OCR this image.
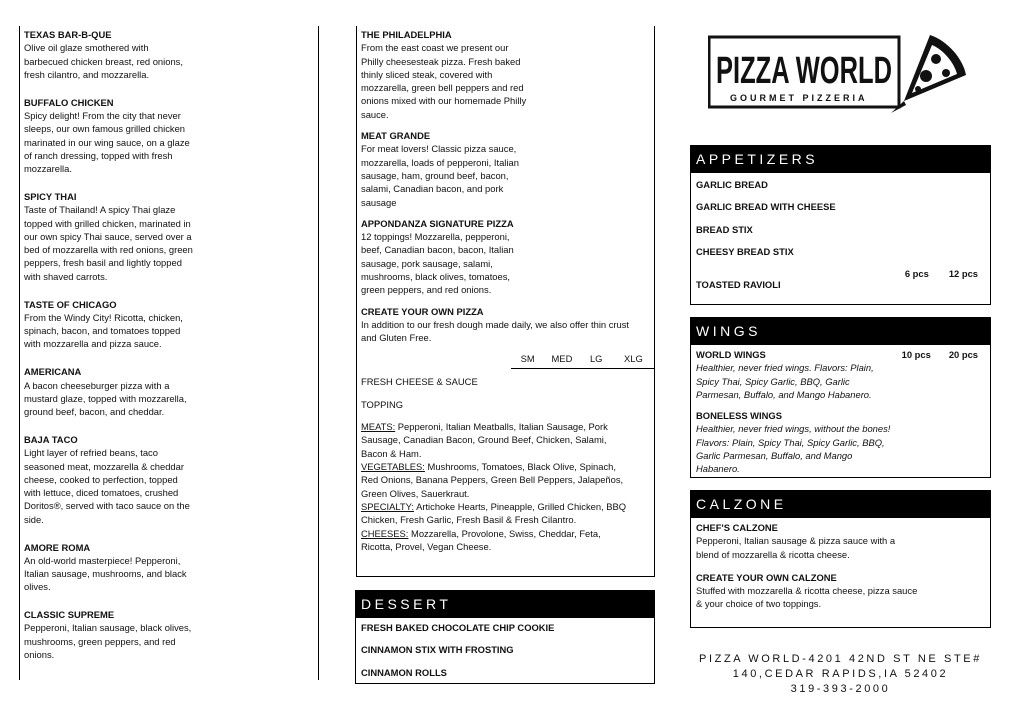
TEXAS BAR-B-QUE
Olive oil glaze smothered with
barbecued chicken breast, red onions,
fresh cilantro, and mozzarella.
BUFFALO CHICKEN
Spicy delight! From the city that never
sleeps, our own famous grilled chicken
marinated in our wing sauce, on a glaze
of ranch dressing, topped with fresh
mozzarella.
SPICY THAI
Taste of Thailand! A spicy Thai glaze
topped with grilled chicken, marinated in
our own spicy Thai sauce, served over a
bed of mozzarella with red onions, green
peppers, fresh basil and lightly topped
with shaved carrots.
TASTE OF CHICAGO
From the Windy City! Ricotta, chicken,
spinach, bacon, and tomatoes topped
with mozzarella and pizza sauce.
AMERICANA
A bacon cheeseburger pizza with a
mustard glaze, topped with mozzarella,
ground beef, bacon, and cheddar.
BAJA TACO
Light layer of refried beans, taco
seasoned meat, mozzarella & cheddar
cheese, cooked to perfection, topped
with lettuce, diced tomatoes, crushed
Doritos®, served with taco sauce on the
side.
AMORE ROMA
An old-world masterpiece! Pepperoni,
Italian sausage, mushrooms, and black
olives.
CLASSIC SUPREME
Pepperoni, Italian sausage, black olives,
mushrooms, green peppers, and red
onions.
THE PHILADELPHIA
From the east coast we present our
Philly cheesesteak pizza. Fresh baked
thinly sliced steak, covered with
mozzarella, green bell peppers and red
onions mixed with our homemade Philly
sauce.
MEAT GRANDE
For meat lovers! Classic pizza sauce,
mozzarella, loads of pepperoni, Italian
sausage, ham, ground beef, bacon,
salami, Canadian bacon, and pork
sausage
APPONDANZA SIGNATURE PIZZA
12 toppings! Mozzarella, pepperoni,
beef, Canadian bacon, bacon, Italian
sausage, pork sausage, salami,
mushrooms, black olives, tomatoes,
green peppers, and red onions.
CREATE YOUR OWN PIZZA
In addition to our fresh dough made daily, we also offer thin crust
and Gluten Free.
SM	MED	LG	XLG
FRESH CHEESE & SAUCE
TOPPING
MEATS: Pepperoni, Italian Meatballs, Italian Sausage, Pork
Sausage, Canadian Bacon, Ground Beef, Chicken, Salami,
Bacon & Ham.
VEGETABLES: Mushrooms, Tomatoes, Black Olive, Spinach,
Red Onions, Banana Peppers, Green Bell Peppers, Jalapeños,
Green Olives, Sauerkraut.
SPECIALTY: Artichoke Hearts, Pineapple, Grilled Chicken, BBQ
Chicken, Fresh Garlic, Fresh Basil & Fresh Cilantro.
CHEESES: Mozzarella, Provolone, Swiss, Cheddar, Feta,
Ricotta, Provel, Vegan Cheese.
DESSERT
FRESH BAKED CHOCOLATE CHIP COOKIE
CINNAMON STIX WITH FROSTING
CINNAMON ROLLS
PIZZA WORLD
GOURMET PIZZERIA
APPETIZERS
GARLIC BREAD
GARLIC BREAD WITH CHEESE
BREAD STIX
CHEESY BREAD STIX
6 pcs 12 pcs
TOASTED RAVIOLI
WINGS
10 pcs 20 pcs
WORLD WINGS
Healthier, never fried wings. Flavors: Plain,
Spicy Thai, Spicy Garlic, BBQ, Garlic
Parmesan, Buffalo, and Mango Habanero.
BONELESS WINGS
Healthier, never fried wings, without the bones!
Flavors: Plain, Spicy Thai, Spicy Garlic, BBQ,
Garlic Parmesan, Buffalo, and Mango
Habanero.
CALZONE
CHEF'S CALZONE
Pepperoni, Italian sausage & pizza sauce with a
blend of mozzarella & ricotta cheese.
CREATE YOUR OWN CALZONE
Stuffed with mozzarella & ricotta cheese, pizza sauce
& your choice of two toppings.
PIZZA WORLD-4201 42ND ST NE STE#
140,CEDAR RAPIDS,IA 52402
319-393-2000
